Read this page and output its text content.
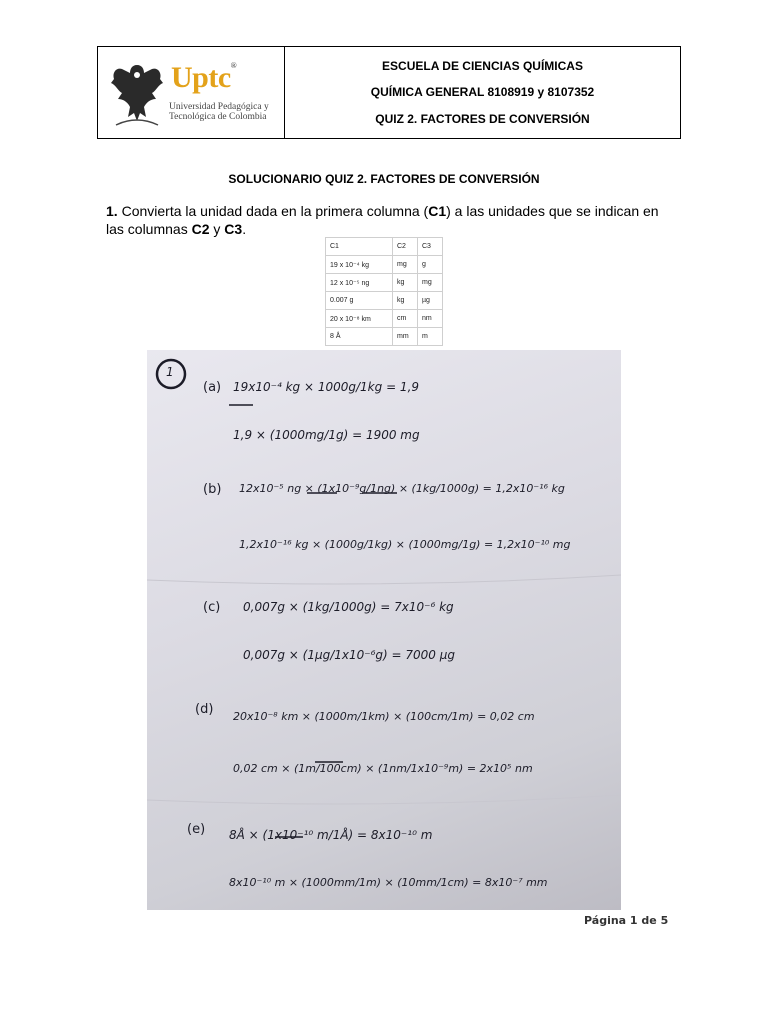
Uptc®
Universidad Pedagógica y
Tecnológica de Colombia
ESCUELA DE CIENCIAS QUÍMICAS
QUÍMICA GENERAL 8108919 y 8107352
QUIZ 2. FACTORES DE CONVERSIÓN
SOLUCIONARIO QUIZ 2. FACTORES DE CONVERSIÓN
1. Convierta la unidad dada en la primera columna (C1) a las unidades que se indican en las columnas C2 y C3.
C1	C2	C3
19 x 10⁻⁴ kg	mg	g
12 x 10⁻⁵ ng	kg	mg
0.007 g	kg	µg
20 x 10⁻⁸ km	cm	nm
8 Å	mm	m
1
(a) 19x10⁻⁴ kg × 1000g/1kg = 1,9
1,9 × (1000mg/1g) = 1900 mg
(b) 12x10⁻⁵ ng × (1x10⁻⁹g/1ng) × (1kg/1000g) = 1,2x10⁻¹⁶ kg
1,2x10⁻¹⁶ kg × (1000g/1kg) × (1000mg/1g) = 1,2x10⁻¹⁰ mg
(c) 0,007g × (1kg/1000g) = 7x10⁻⁶ kg
0,007g × (1µg/1x10⁻⁶g) = 7000 µg
(d) 20x10⁻⁸ km × (1000m/1km) × (100cm/1m) = 0,02 cm
0,02 cm × (1m/100cm) × (1nm/1x10⁻⁹m) = 2x10⁵ nm
(e) 8Å × (1x10⁻¹⁰ m/1Å) = 8x10⁻¹⁰ m
8x10⁻¹⁰ m × (1000mm/1m) × (10mm/1cm) = 8x10⁻⁷ mm
Página 1 de 5
